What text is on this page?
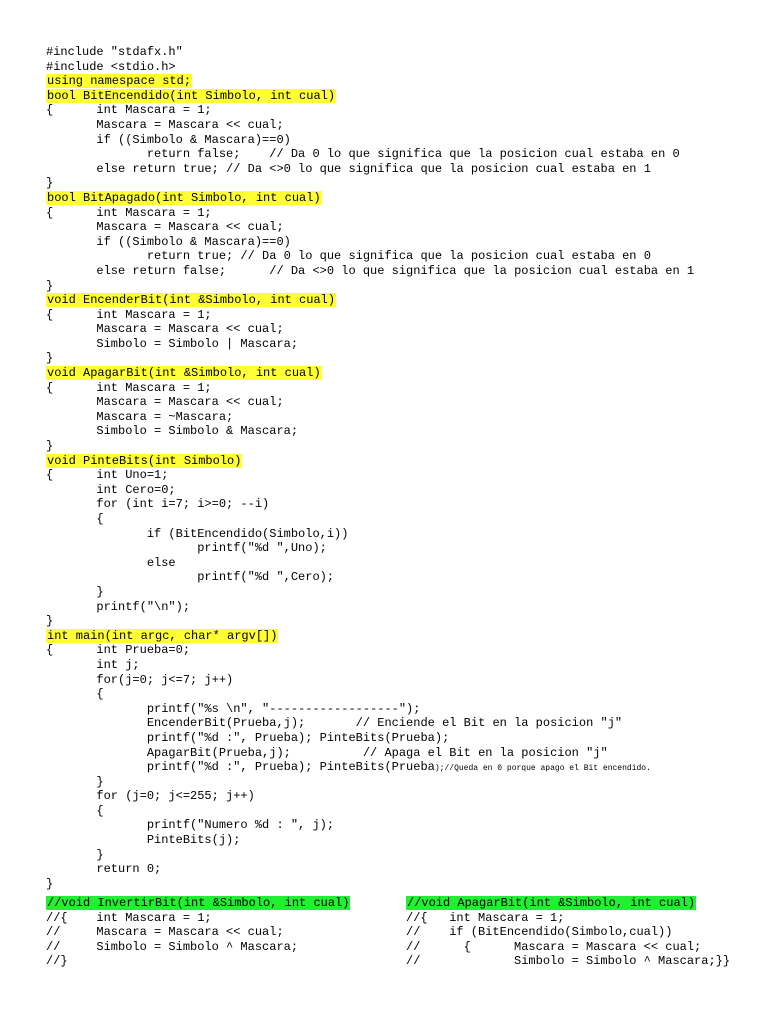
#include "stdafx.h"
#include <stdio.h>
using namespace std;
bool BitEncendido(int Simbolo, int cual)
{      int Mascara = 1;
Mascara = Mascara << cual;
if ((Simbolo & Mascara)==0)
return false;    // Da 0 lo que significa que la posicion cual estaba en 0
else return true; // Da <>0 lo que significa que la posicion cual estaba en 1
}
bool BitApagado(int Simbolo, int cual)
{      int Mascara = 1;
Mascara = Mascara << cual;
if ((Simbolo & Mascara)==0)
return true; // Da 0 lo que significa que la posicion cual estaba en 0
else return false;      // Da <>0 lo que significa que la posicion cual estaba en 1
}
void EncenderBit(int &Simbolo, int cual)
{      int Mascara = 1;
Mascara = Mascara << cual;
Simbolo = Simbolo | Mascara;
}
void ApagarBit(int &Simbolo, int cual)
{      int Mascara = 1;
Mascara = Mascara << cual;
Mascara = ~Mascara;
Simbolo = Simbolo & Mascara;
}
void PinteBits(int Simbolo)
{      int Uno=1;
int Cero=0;
for (int i=7; i>=0; --i)
{
if (BitEncendido(Simbolo,i))
printf("%d ",Uno);
else
printf("%d ",Cero);
}
printf("\n");
}
int main(int argc, char* argv[])
{      int Prueba=0;
int j;
for(j=0; j<=7; j++)
{
printf("%s \n", "------------------");
EncenderBit(Prueba,j);       // Enciende el Bit en la posicion "j"
printf("%d :", Prueba); PinteBits(Prueba);
ApagarBit(Prueba,j);          // Apaga el Bit en la posicion "j"
printf("%d :", Prueba); PinteBits(Prueba);//Queda en 0 porque apago el Bit encendido.
}
for (j=0; j<=255; j++)
{
printf("Numero %d : ", j);
PinteBits(j);
}
return 0;
}
//void InvertirBit(int &Simbolo, int cual)
//{    int Mascara = 1;
//     Mascara = Mascara << cual;
//     Simbolo = Simbolo ^ Mascara;
//}
//void ApagarBit(int &Simbolo, int cual)
//{   int Mascara = 1;
//    if (BitEncendido(Simbolo,cual))
//      {      Mascara = Mascara << cual;
//             Simbolo = Simbolo ^ Mascara;}}
